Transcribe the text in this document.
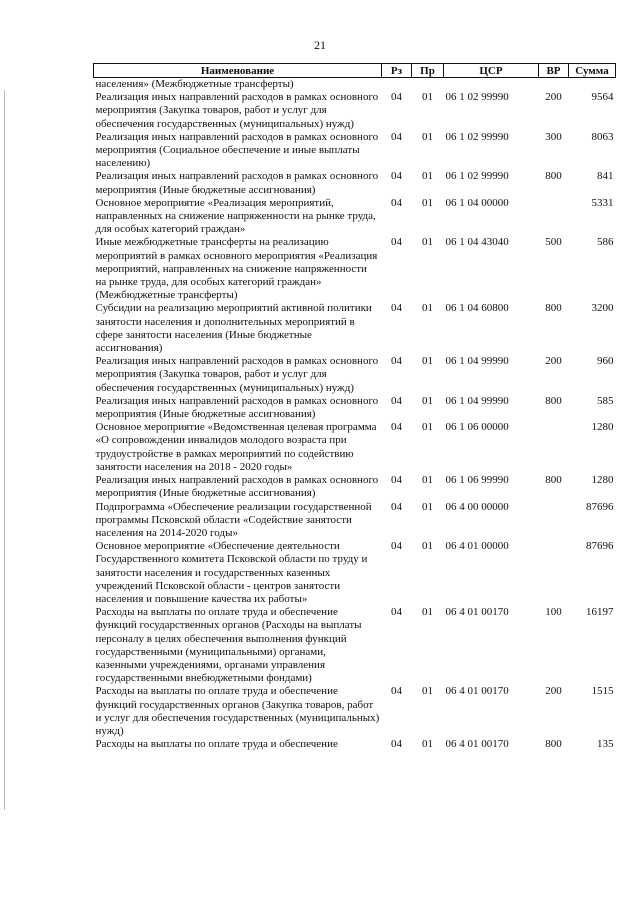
21
Наименование	Рз	Пр	ЦСР	ВР	Сумма
населения» (Межбюджетные трансферты)					
Реализация иных направлений расходов в рамках основного мероприятия (Закупка товаров, работ и услуг для обеспечения государственных (муниципальных) нужд)	04	01	06 1 02 99990	200	9564
Реализация иных направлений расходов в рамках основного мероприятия (Социальное обеспечение и иные выплаты населению)	04	01	06 1 02 99990	300	8063
Реализация иных направлений расходов в рамках основного мероприятия (Иные бюджетные ассигнования)	04	01	06 1 02 99990	800	841
Основное мероприятие «Реализация мероприятий, направленных на снижение напряженности на рынке труда, для особых категорий граждан»	04	01	06 1 04 00000		5331
Иные межбюджетные трансферты на реализацию мероприятий в рамках основного мероприятия «Реализация мероприятий, направленных на снижение напряженности на рынке труда, для особых категорий граждан» (Межбюджетные трансферты)	04	01	06 1 04 43040	500	586
Субсидии на реализацию мероприятий активной политики занятости населения и дополнительных мероприятий в сфере занятости населения (Иные бюджетные ассигнования)	04	01	06 1 04 60800	800	3200
Реализация иных направлений расходов в рамках основного мероприятия (Закупка товаров, работ и услуг для обеспечения государственных (муниципальных) нужд)	04	01	06 1 04 99990	200	960
Реализация иных направлений расходов в рамках основного мероприятия (Иные бюджетные ассигнования)	04	01	06 1 04 99990	800	585
Основное мероприятие «Ведомственная целевая программа «О сопровождении инвалидов молодого возраста при трудоустройстве в рамках мероприятий по содействию занятости населения на 2018 - 2020 годы»	04	01	06 1 06 00000		1280
Реализация иных направлений расходов в рамках основного мероприятия (Иные бюджетные ассигнования)	04	01	06 1 06 99990	800	1280
Подпрограмма «Обеспечение реализации государственной программы Псковской области «Содействие занятости населения на 2014-2020 годы»	04	01	06 4 00 00000		87696
Основное мероприятие «Обеспечение деятельности Государственного комитета Псковской области по труду и занятости населения и государственных казенных учреждений Псковской области - центров занятости населения и повышение качества их работы»	04	01	06 4 01 00000		87696
Расходы на выплаты по оплате труда и обеспечение функций государственных органов (Расходы на выплаты персоналу в целях обеспечения выполнения функций государственными (муниципальными) органами, казенными учреждениями, органами управления государственными внебюджетными фондами)	04	01	06 4 01 00170	100	16197
Расходы на выплаты по оплате труда и обеспечение функций государственных органов (Закупка товаров, работ и услуг для обеспечения государственных (муниципальных) нужд)	04	01	06 4 01 00170	200	1515
Расходы на выплаты по оплате труда и обеспечение	04	01	06 4 01 00170	800	135
